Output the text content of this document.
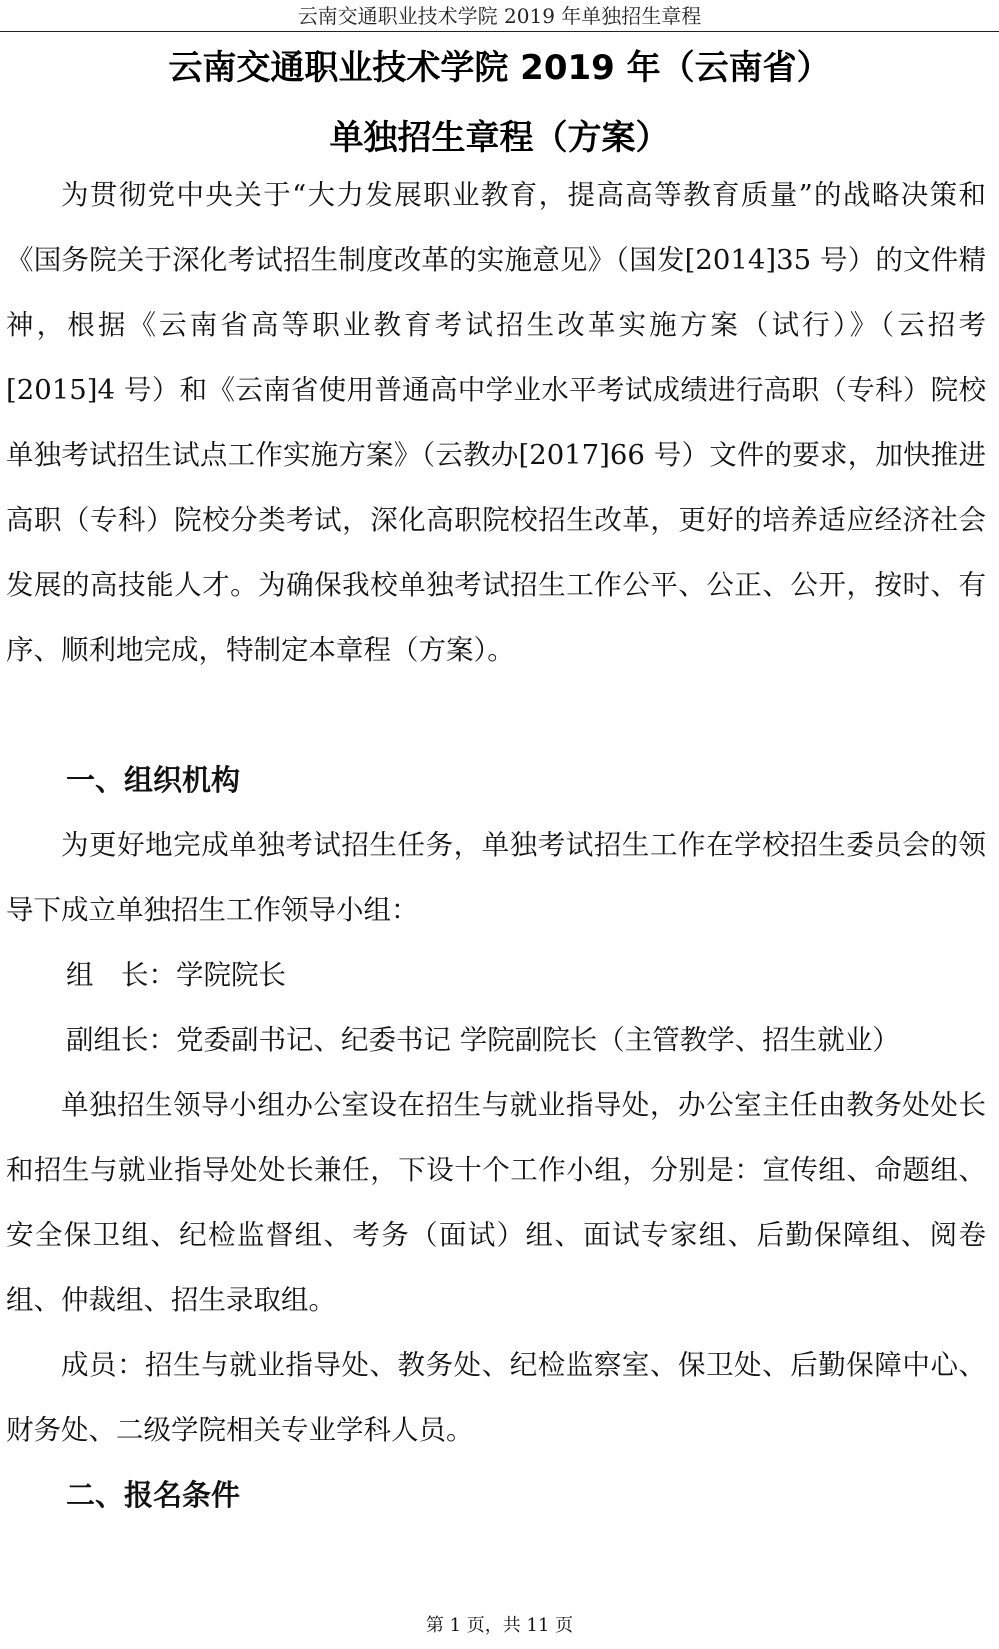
云南交通职业技术学院 2019 年单独招生章程
云南交通职业技术学院 2019 年（云南省）
单独招生章程（方案）

为贯彻党中央关于“大力发展职业教育，提高高等教育质量”的战略决策和《国务院关于深化考试招生制度改革的实施意见》（国发[2014]35 号）的文件精神，根据《云南省高等职业教育考试招生改革实施方案（试行）》（云招考[2015]4 号）和《云南省使用普通高中学业水平考试成绩进行高职（专科）院校单独考试招生试点工作实施方案》（云教办[2017]66 号）文件的要求，加快推进高职（专科）院校分类考试，深化高职院校招生改革，更好的培养适应经济社会发展的高技能人才。为确保我校单独考试招生工作公平、公正、公开，按时、有序、顺利地完成，特制定本章程（方案）。

一、组织机构

为更好地完成单独考试招生任务，单独考试招生工作在学校招生委员会的领导下成立单独招生工作领导小组：

组　长：学院院长

副组长：党委副书记、纪委书记 学院副院长（主管教学、招生就业）

单独招生领导小组办公室设在招生与就业指导处，办公室主任由教务处处长和招生与就业指导处处长兼任，下设十个工作小组，分别是：宣传组、命题组、安全保卫组、纪检监督组、考务（面试）组、面试专家组、后勤保障组、阅卷组、仲裁组、招生录取组。

成员：招生与就业指导处、教务处、纪检监察室、保卫处、后勤保障中心、财务处、二级学院相关专业学科人员。

二、报名条件
第 1 页，共 11 页
